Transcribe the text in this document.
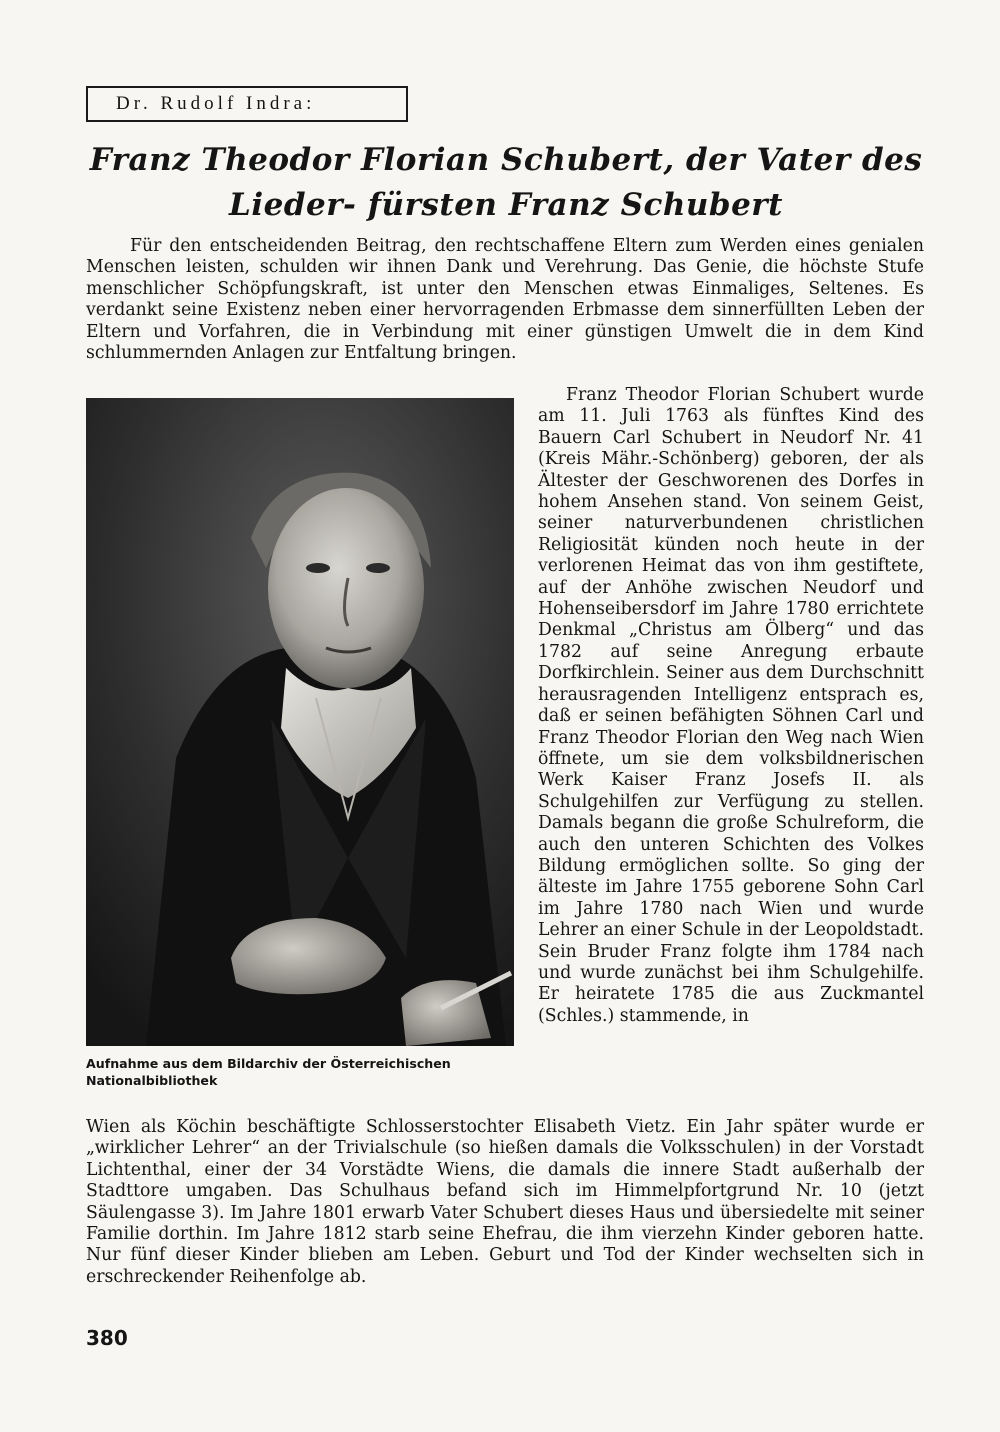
Dr. Rudolf Indra:
Franz Theodor Florian Schubert, der Vater des Lieder- fürsten Franz Schubert

Für den entscheidenden Beitrag, den rechtschaffene Eltern zum Werden eines genialen Menschen leisten, schulden wir ihnen Dank und Verehrung. Das Genie, die höchste Stufe menschlicher Schöpfungskraft, ist unter den Menschen etwas Einmaliges, Seltenes. Es verdankt seine Existenz neben einer hervorragenden Erbmasse dem sinnerfüllten Leben der Eltern und Vorfahren, die in Verbindung mit einer günstigen Umwelt die in dem Kind schlummernden Anlagen zur Entfaltung bringen.

Aufnahme aus dem Bildarchiv der Österreichischen Nationalbibliothek

Franz Theodor Florian Schubert wurde am 11. Juli 1763 als fünftes Kind des Bauern Carl Schubert in Neudorf Nr. 41 (Kreis Mähr.-Schönberg) geboren, der als Ältester der Geschworenen des Dorfes in hohem Ansehen stand. Von seinem Geist, seiner naturverbundenen christlichen Religiosität künden noch heute in der verlorenen Heimat das von ihm gestiftete, auf der Anhöhe zwischen Neudorf und Hohenseibersdorf im Jahre 1780 errichtete Denkmal „Christus am Ölberg“ und das 1782 auf seine Anregung erbaute Dorfkirchlein. Seiner aus dem Durchschnitt herausragenden Intelligenz entsprach es, daß er seinen befähigten Söhnen Carl und Franz Theodor Florian den Weg nach Wien öffnete, um sie dem volksbildnerischen Werk Kaiser Franz Josefs II. als Schulgehilfen zur Verfügung zu stellen. Damals begann die große Schulreform, die auch den unteren Schichten des Volkes Bildung ermöglichen sollte. So ging der älteste im Jahre 1755 geborene Sohn Carl im Jahre 1780 nach Wien und wurde Lehrer an einer Schule in der Leopoldstadt. Sein Bruder Franz folgte ihm 1784 nach und wurde zunächst bei ihm Schulgehilfe. Er heiratete 1785 die aus Zuckmantel (Schles.) stammende, in

Wien als Köchin beschäftigte Schlosserstochter Elisabeth Vietz. Ein Jahr später wurde er „wirklicher Lehrer“ an der Trivialschule (so hießen damals die Volksschulen) in der Vorstadt Lichtenthal, einer der 34 Vorstädte Wiens, die damals die innere Stadt außerhalb der Stadttore umgaben. Das Schulhaus befand sich im Himmelpfortgrund Nr. 10 (jetzt Säulengasse 3). Im Jahre 1801 erwarb Vater Schubert dieses Haus und übersiedelte mit seiner Familie dorthin. Im Jahre 1812 starb seine Ehefrau, die ihm vierzehn Kinder geboren hatte. Nur fünf dieser Kinder blieben am Leben. Geburt und Tod der Kinder wechselten sich in erschreckender Reihenfolge ab.

380
